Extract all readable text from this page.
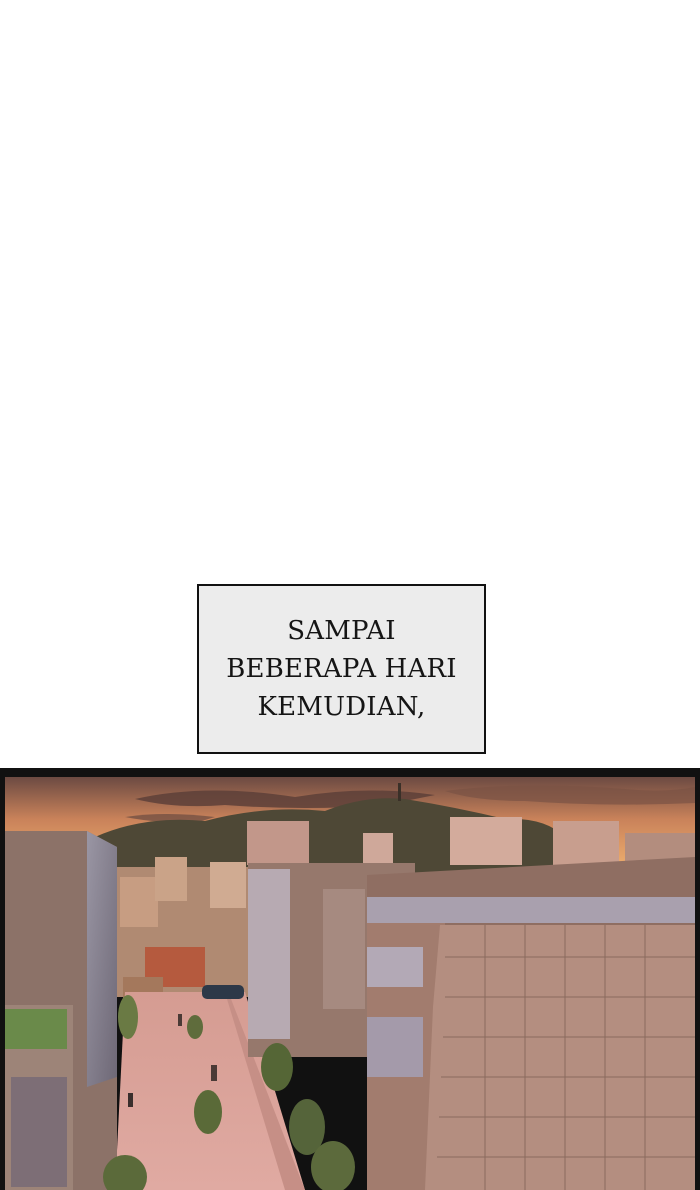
SAMPAI
BEBERAPA HARI
KEMUDIAN,
